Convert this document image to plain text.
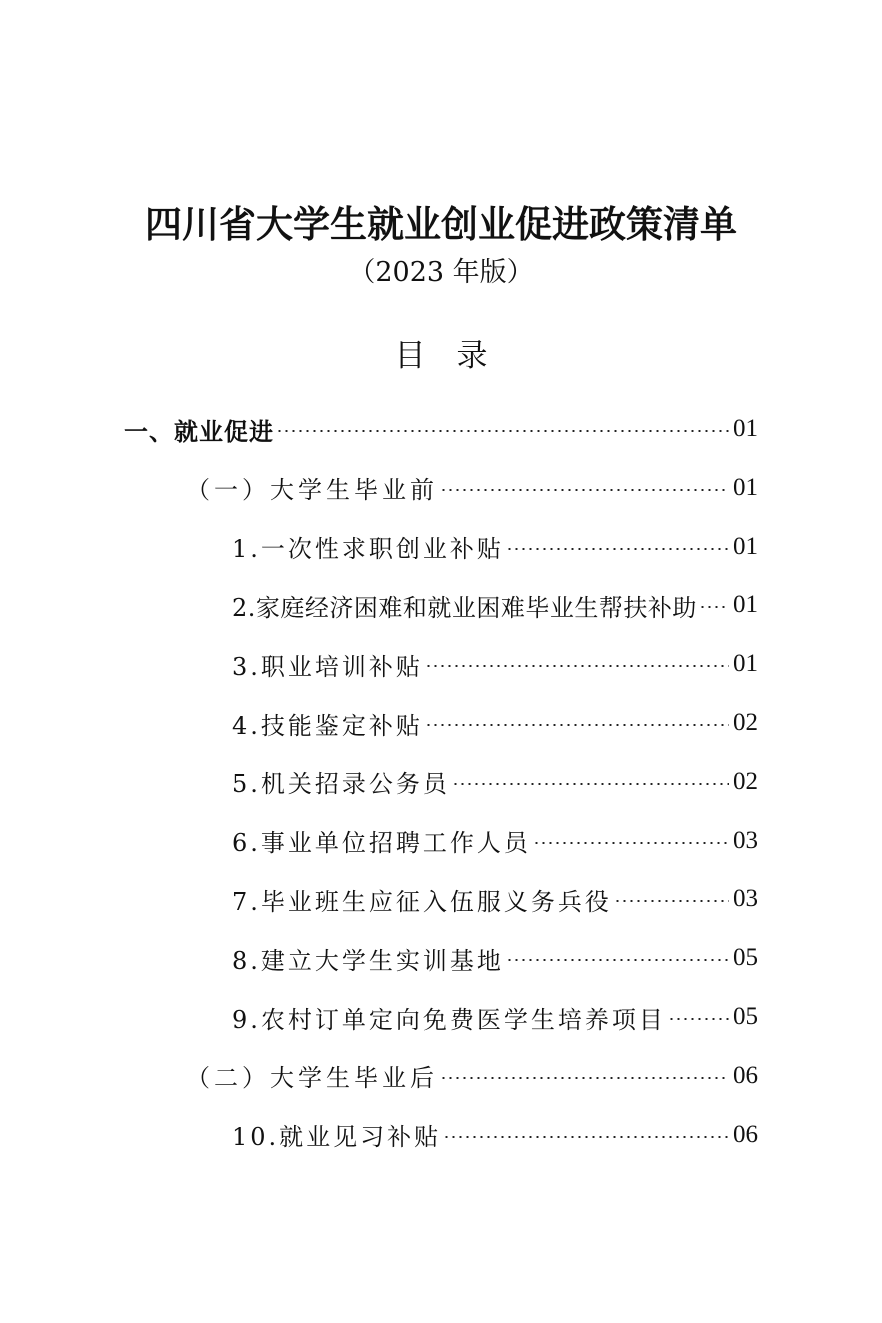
四川省大学生就业创业促进政策清单
（2023 年版）
目 录
一、就业促进	01
（一）大学生毕业前	01
1.一次性求职创业补贴	01
2.家庭经济困难和就业困难毕业生帮扶补助 01
3.职业培训补贴	01
4.技能鉴定补贴	02
5.机关招录公务员	02
6.事业单位招聘工作人员	03
7.毕业班生应征入伍服义务兵役	03
8.建立大学生实训基地	05
9.农村订单定向免费医学生培养项目	05
（二）大学生毕业后	06
10.就业见习补贴	06
